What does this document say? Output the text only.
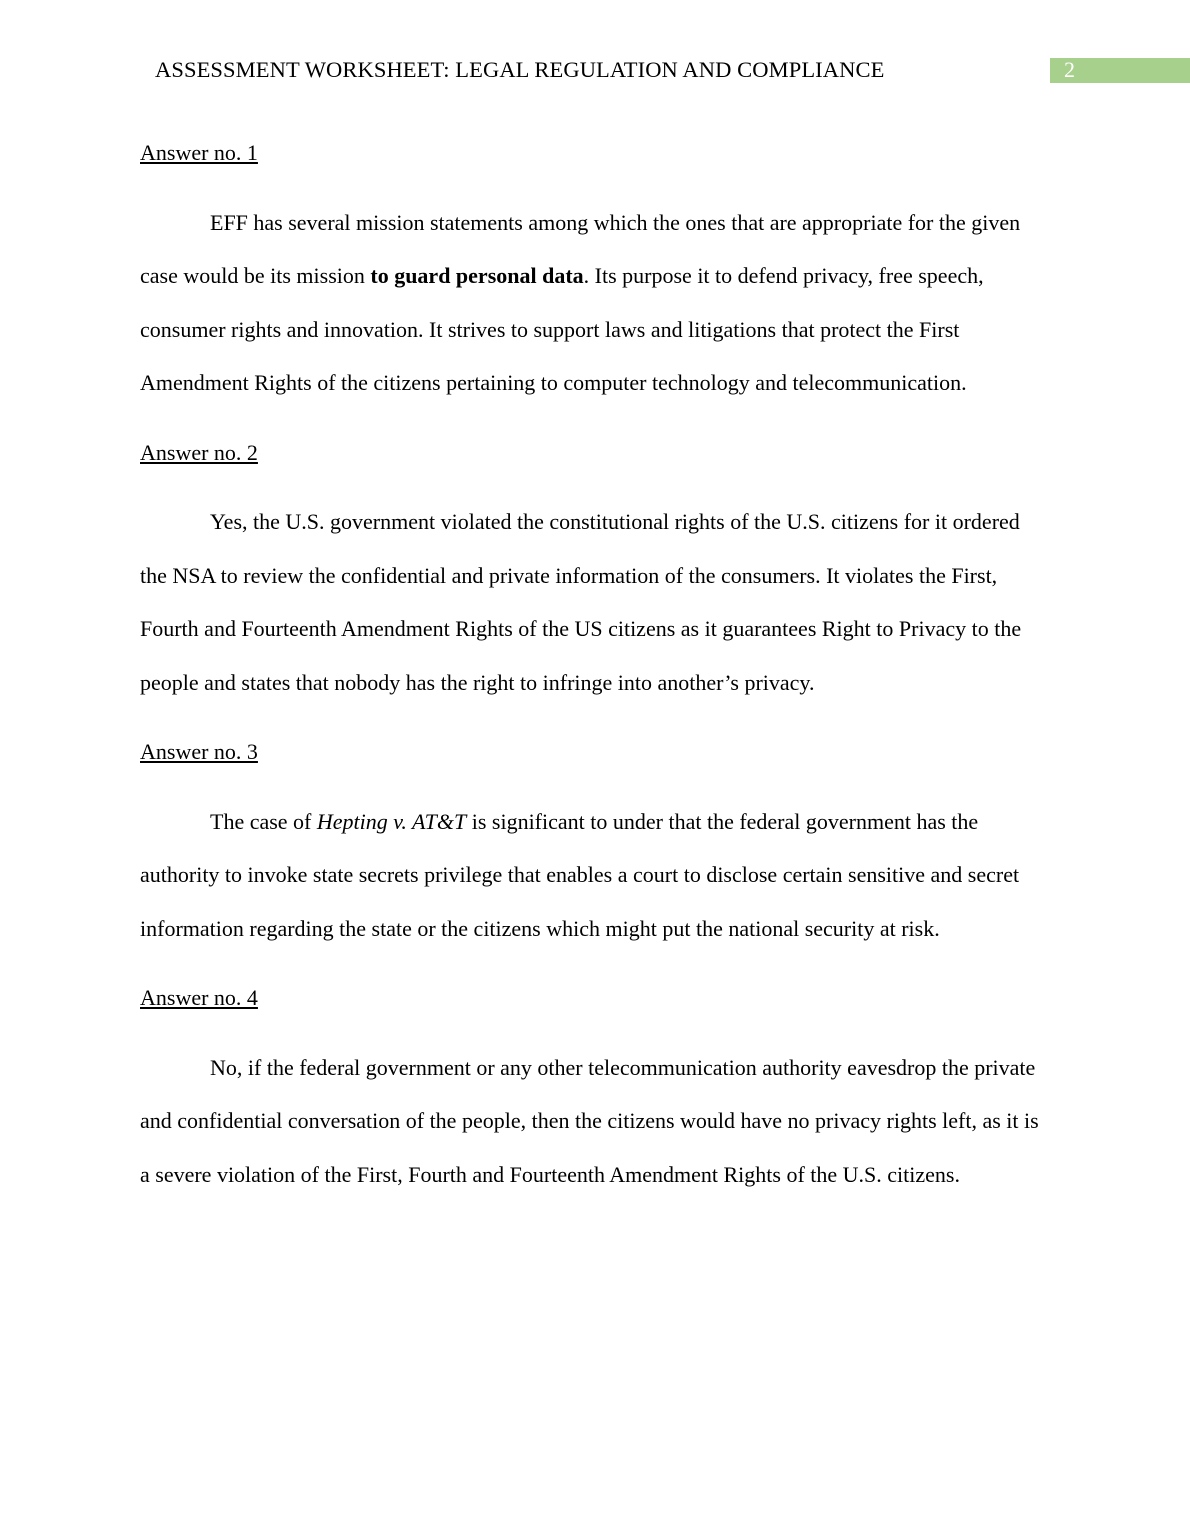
ASSESSMENT WORKSHEET: LEGAL REGULATION AND COMPLIANCE	2

Answer no. 1

EFF has several mission statements among which the ones that are appropriate for the given case would be its mission to guard personal data. Its purpose it to defend privacy, free speech, consumer rights and innovation. It strives to support laws and litigations that protect the First Amendment Rights of the citizens pertaining to computer technology and telecommunication.

Answer no. 2

Yes, the U.S. government violated the constitutional rights of the U.S. citizens for it ordered the NSA to review the confidential and private information of the consumers. It violates the First, Fourth and Fourteenth Amendment Rights of the US citizens as it guarantees Right to Privacy to the people and states that nobody has the right to infringe into another’s privacy.

Answer no. 3

The case of Hepting v. AT&T is significant to under that the federal government has the authority to invoke state secrets privilege that enables a court to disclose certain sensitive and secret information regarding the state or the citizens which might put the national security at risk.

Answer no. 4

No, if the federal government or any other telecommunication authority eavesdrop the private and confidential conversation of the people, then the citizens would have no privacy rights left, as it is a severe violation of the First, Fourth and Fourteenth Amendment Rights of the U.S. citizens.
